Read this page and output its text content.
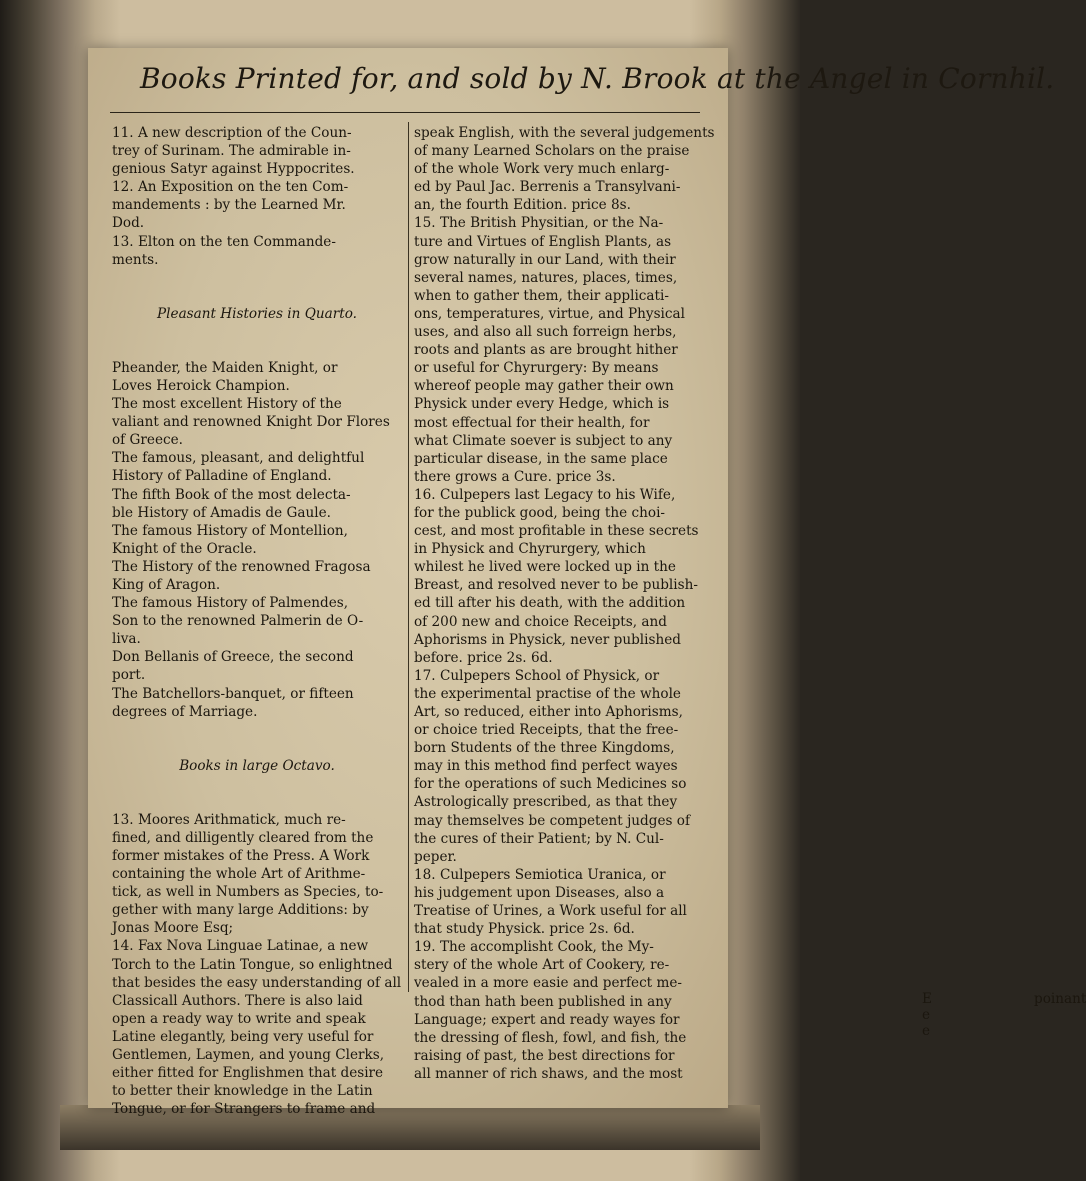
Books Printed for, and sold by N. Brook at the Angel in Cornhil.
11. A new description of the Coun-
trey of Surinam. The admirable in-
genious Satyr against Hyppocrites.
12. An Exposition on the ten Com-
mandements : by the Learned Mr.
Dod.
13. Elton on the ten Commande-
ments.
Pleasant Histories in Quarto.
Pheander, the Maiden Knight, or
Loves Heroick Champion.
The most excellent History of the
valiant and renowned Knight Dor Flores
of Greece.
The famous, pleasant, and delightful
History of Palladine of England.
The fifth Book of the most delecta-
ble History of Amadis de Gaule.
The famous History of Montellion,
Knight of the Oracle.
The History of the renowned Fragosa
King of Aragon.
The famous History of Palmendes,
Son to the renowned Palmerin de O-
liva.
Don Bellanis of Greece, the second
port.
The Batchellors-banquet, or fifteen
degrees of Marriage.
Books in large Octavo.
13. Moores Arithmatick, much re-
fined, and dilligently cleared from the
former mistakes of the Press. A Work
containing the whole Art of Arithme-
tick, as well in Numbers as Species, to-
gether with many large Additions: by
Jonas Moore Esq;
14. Fax Nova Linguae Latinae, a new
Torch to the Latin Tongue, so enlightned
that besides the easy understanding of all
Classicall Authors. There is also laid
open a ready way to write and speak
Latine elegantly, being very useful for
Gentlemen, Laymen, and young Clerks,
either fitted for Englishmen that desire
to better their knowledge in the Latin
Tongue, or for Strangers to frame and
speak English, with the several judgements
of many Learned Scholars on the praise
of the whole Work very much enlarg-
ed by Paul Jac. Berrenis a Transylvani-
an, the fourth Edition. price 8s.
15. The British Physitian, or the Na-
ture and Virtues of English Plants, as
grow naturally in our Land, with their
several names, natures, places, times,
when to gather them, their applicati-
ons, temperatures, virtue, and Physical
uses, and also all such forreign herbs,
roots and plants as are brought hither
or useful for Chyrurgery: By means
whereof people may gather their own
Physick under every Hedge, which is
most effectual for their health, for
what Climate soever is subject to any
particular disease, in the same place
there grows a Cure. price 3s.
16. Culpepers last Legacy to his Wife,
for the publick good, being the choi-
cest, and most profitable in these secrets
in Physick and Chyrurgery, which
whilest he lived were locked up in the
Breast, and resolved never to be publish-
ed till after his death, with the addition
of 200 new and choice Receipts, and
Aphorisms in Physick, never published
before. price 2s. 6d.
17. Culpepers School of Physick, or
the experimental practise of the whole
Art, so reduced, either into Aphorisms,
or choice tried Receipts, that the free-
born Students of the three Kingdoms,
may in this method find perfect wayes
for the operations of such Medicines so
Astrologically prescribed, as that they
may themselves be competent judges of
the cures of their Patient; by N. Cul-
peper.
18. Culpepers Semiotica Uranica, or
his judgement upon Diseases, also a
Treatise of Urines, a Work useful for all
that study Physick. price 2s. 6d.
19. The accomplisht Cook, the My-
stery of the whole Art of Cookery, re-
vealed in a more easie and perfect me-
thod than hath been published in any
Language; expert and ready wayes for
the dressing of flesh, fowl, and fish, the
raising of past, the best directions for
all manner of rich shaws, and the most
E e e
poinant
